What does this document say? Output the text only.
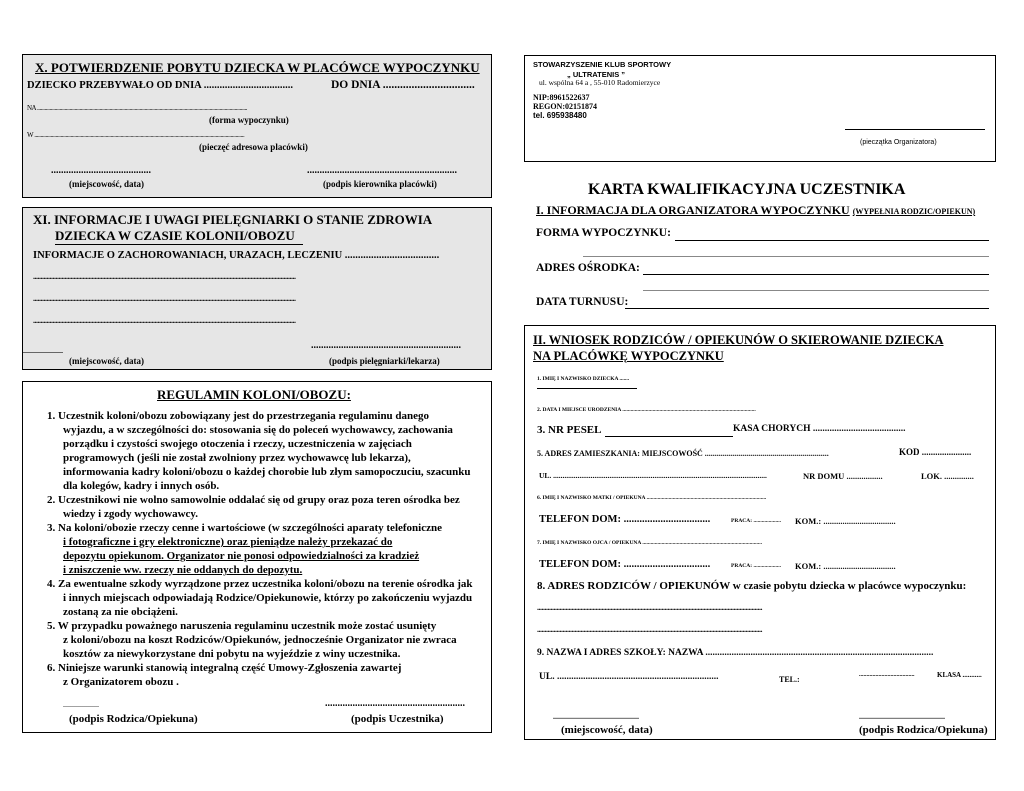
X. POTWIERDZENIE POBYTU DZIECKA W PLACÓWCE WYPOCZYNKU
DZIECKO PRZEBYWAŁO OD DNIA ..................................	DO DNIA ................................
NA ........................................................................................................................................................................
(forma wypoczynku)
W ........................................................................................................................................................................
(pieczęć adresowa placówki)
........................................	............................................................
(miejscowość, data)	(podpis kierownika placówki)
XI. INFORMACJE I UWAGI PIELĘGNIARKI O STANIE ZDROWIA
DZIECKA W CZASIE KOLONII/OBOZU
INFORMACJE O ZACHOROWANIACH, URAZACH, LECZENIU ....................................
...............................................................................................................................................................................
...............................................................................................................................................................................
...............................................................................................................................................................................
............................................................
(miejscowość, data)	(podpis pielęgniarki/lekarza)
REGULAMIN KOLONI/OBOZU:
1. Uczestnik koloni/obozu zobowiązany jest do przestrzegania regulaminu danego
wyjazdu, a w szczególności do: stosowania się do poleceń wychowawcy, zachowania
porządku i czystości swojego otoczenia i rzeczy, uczestniczenia w zajęciach
programowych (jeśli nie został zwolniony przez wychowawcę lub lekarza),
informowania kadry koloni/obozu o każdej chorobie lub złym samopoczuciu, szacunku
dla kolegów, kadry i innych osób.
2. Uczestnikowi nie wolno samowolnie oddalać się od grupy oraz poza teren ośrodka bez
wiedzy i zgody wychowawcy.
3. Na koloni/obozie rzeczy cenne i wartościowe (w szczególności aparaty telefoniczne
i fotograficzne i gry elektroniczne) oraz pieniądze należy przekazać do
depozytu opiekunom. Organizator nie ponosi odpowiedzialności za kradzież
i zniszczenie ww. rzeczy nie oddanych do depozytu.
4. Za ewentualne szkody wyrządzone przez uczestnika koloni/obozu na terenie ośrodka jak
i innych miejscach odpowiadają Rodzice/Opiekunowie, którzy po zakończeniu wyjazdu
zostaną za nie obciążeni.
5. W przypadku poważnego naruszenia regulaminu uczestnik może zostać usunięty
z koloni/obozu na koszt Rodziców/Opiekunów, jednocześnie Organizator nie zwraca
kosztów za niewykorzystane dni pobytu na wyjeździe z winy uczestnika.
6. Niniejsze warunki stanowią integralną część Umowy-Zgłoszenia zawartej
z Organizatorem obozu .
..................	........................................................
(podpis Rodzica/Opiekuna)	(podpis Uczestnika)
STOWARZYSZENIE KLUB SPORTOWY
„ ULTRATENIS ”
ul. wspólna 64 a , 55-010 Radomierzyce
NIP:8961522637
REGON:02151874
tel. 695938480
(pieczątka Organizatora)
KARTA KWALIFIKACYJNA UCZESTNIKA
I. INFORMACJA DLA ORGANIZATORA WYPOCZYNKU (WYPEŁNIA RODZIC/OPIEKUN)
FORMA WYPOCZYNKU:
ADRES OŚRODKA:
DATA TURNUSU:
II. WNIOSEK RODZICÓW / OPIEKUNÓW O SKIEROWANIE DZIECKA
NA PLACÓWKĘ WYPOCZYNKU
1. IMIĘ I NAZWISKO DZIECKA .......
2. DATA I MIEJSCE URODZENIA .................................................................................................
3. NR PESEL	KASA CHORYCH .......................................
5. ADRES ZAMIESZKANIA: MIEJSCOWOŚĆ ..............................................................	KOD ......................
UL. ..................................................................................................................	NR DOMU .................	LOK. ..............
6. IMIĘ I NAZWISKO MATKI / OPIEKUNA .......................................................................................
TELEFON DOM: .................................	PRACA: .................... KOM.: ..................................
7. IMIĘ I NAZWISKO OJCA / OPIEKUNA .......................................................................................
TELEFON DOM: .................................	PRACA: .................... KOM.: ..................................
8. ADRES RODZICÓW / OPIEKUNÓW w czasie pobytu dziecka w placówce wypoczynku:
......................................................................................................................................................
......................................................................................................................................................
9. NAZWA I ADRES SZKOŁY: NAZWA ................................................................................................
UL. ....................................................................	TEL.:	.....................................	KLASA ...........
...........................................	...........................................
(miejscowość, data)	(podpis Rodzica/Opiekuna)
